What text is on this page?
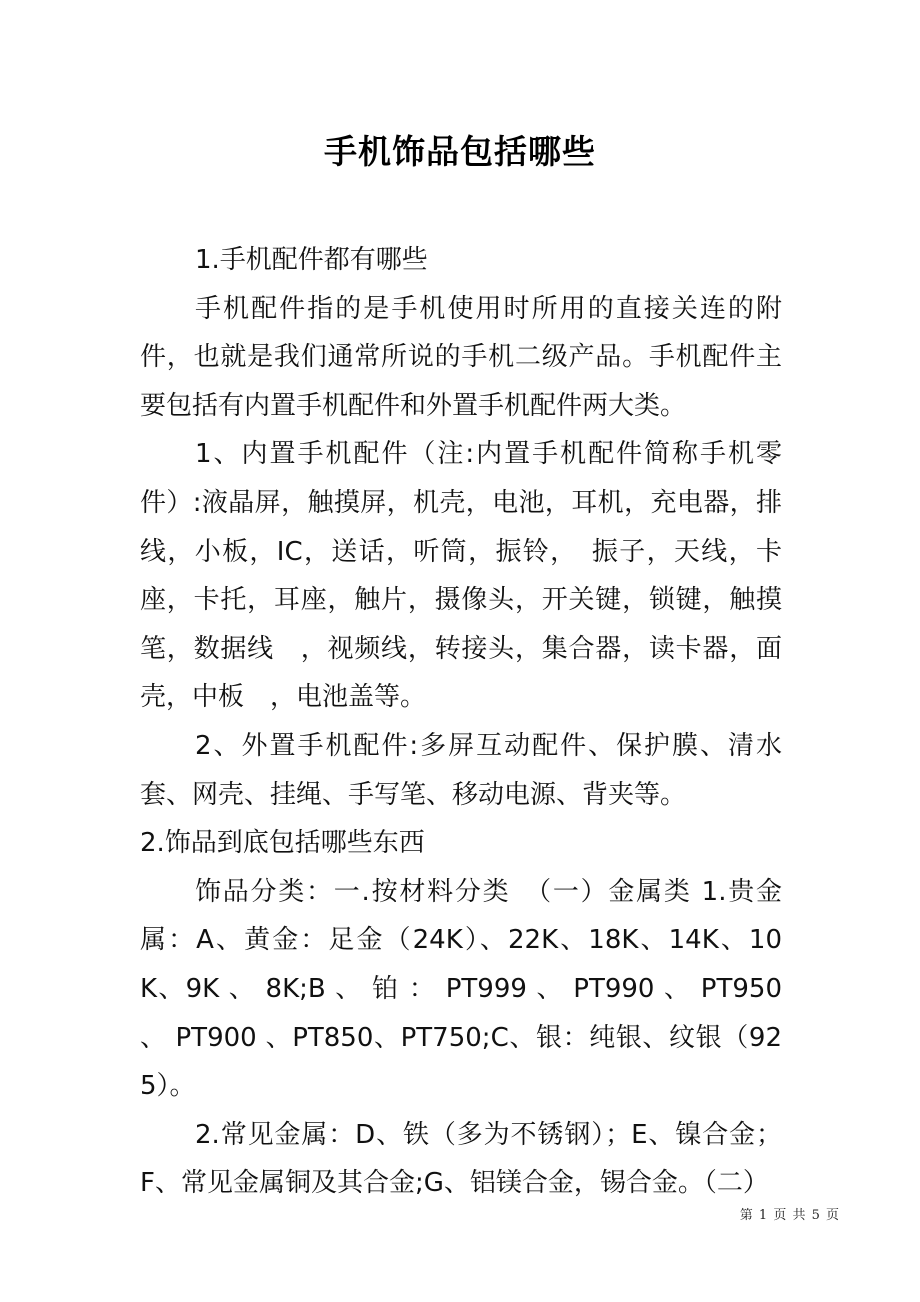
手机饰品包括哪些

1.手机配件都有哪些

手机配件指的是手机使用时所用的直接关连的附件，也就是我们通常所说的手机二级产品。手机配件主要包括有内置手机配件和外置手机配件两大类。

1、内置手机配件（注:内置手机配件简称手机零件）:液晶屏，触摸屏，机壳，电池，耳机，充电器，排线，小板，IC，送话，听筒，振铃，　振子，天线，卡座，卡托，耳座，触片，摄像头，开关键，锁键，触摸笔，数据线　，视频线，转接头，集合器，读卡器，面壳，中板　，电池盖等。

2、外置手机配件:多屏互动配件、保护膜、清水套、网壳、挂绳、手写笔、移动电源、背夹等。

2.饰品到底包括哪些东西

饰品分类：一.按材料分类　（一）金属类 1.贵金属：A、黄金：足金（24K）、22K、18K、14K、10K、9K 、 8K;B 、 铂 ： PT999 、 PT990 、 PT950 、 PT900 、PT850、PT750;C、银：纯银、纹银（925）。

2.常见金属：D、铁（多为不锈钢）；E、镍合金；F、常见金属铜及其合金;G、铝镁合金，锡合金。（二）

第 1 页 共 5 页
